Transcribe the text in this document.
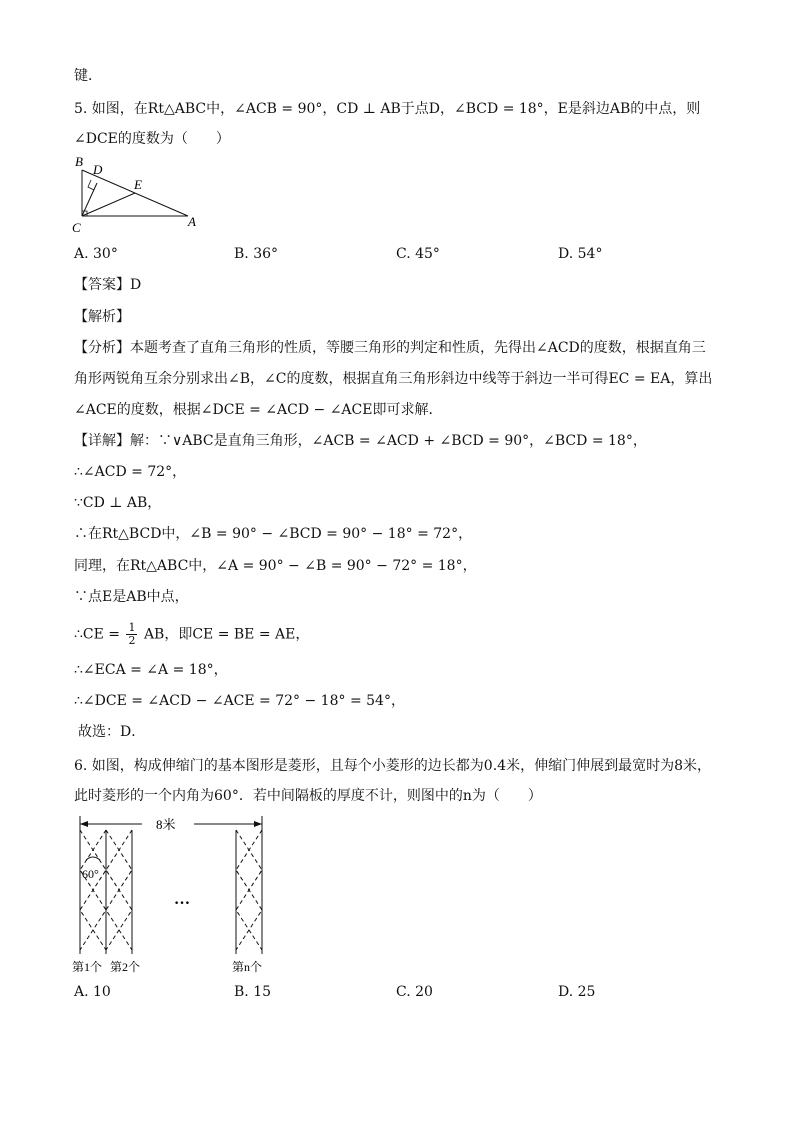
键．
5. 如图，在Rt△ABC中，∠ACB = 90°，CD ⊥ AB于点D，∠BCD = 18°，E是斜边AB的中点，则
∠DCE的度数为（　　）
B
D
E
C	A
A. 30°	B. 36°	C. 45°	D. 54°
【答案】D
【解析】
【分析】本题考查了直角三角形的性质，等腰三角形的判定和性质，先得出∠ACD的度数，根据直角三
角形两锐角互余分别求出∠B，∠C的度数，根据直角三角形斜边中线等于斜边一半可得EC = EA，算出
∠ACE的度数，根据∠DCE = ∠ACD − ∠ACE即可求解．
【详解】解：∵∨ABC是直角三角形，∠ACB = ∠ACD + ∠BCD = 90°，∠BCD = 18°，
∴∠ACD = 72°，
∵CD ⊥ AB，
∴在Rt△BCD中，∠B = 90° − ∠BCD = 90° − 18° = 72°，
同理，在Rt△ABC中，∠A = 90° − ∠B = 90° − 72° = 18°，
∵点E是AB中点，
∴CE = $\frac{1}{2}$ AB，即CE = BE = AE，
∴∠ECA = ∠A = 18°，
∴∠DCE = ∠ACD − ∠ACE = 72° − 18° = 54°，
故选：D．
6. 如图，构成伸缩门的基本图形是菱形，且每个小菱形的边长都为0.4米，伸缩门伸展到最宽时为8米，
此时菱形的一个内角为60°．若中间隔板的厚度不计，则图中的n为（　　）
8米
60°
…
第1个 第2个	第n个
A. 10	B. 15	C. 20	D. 25
